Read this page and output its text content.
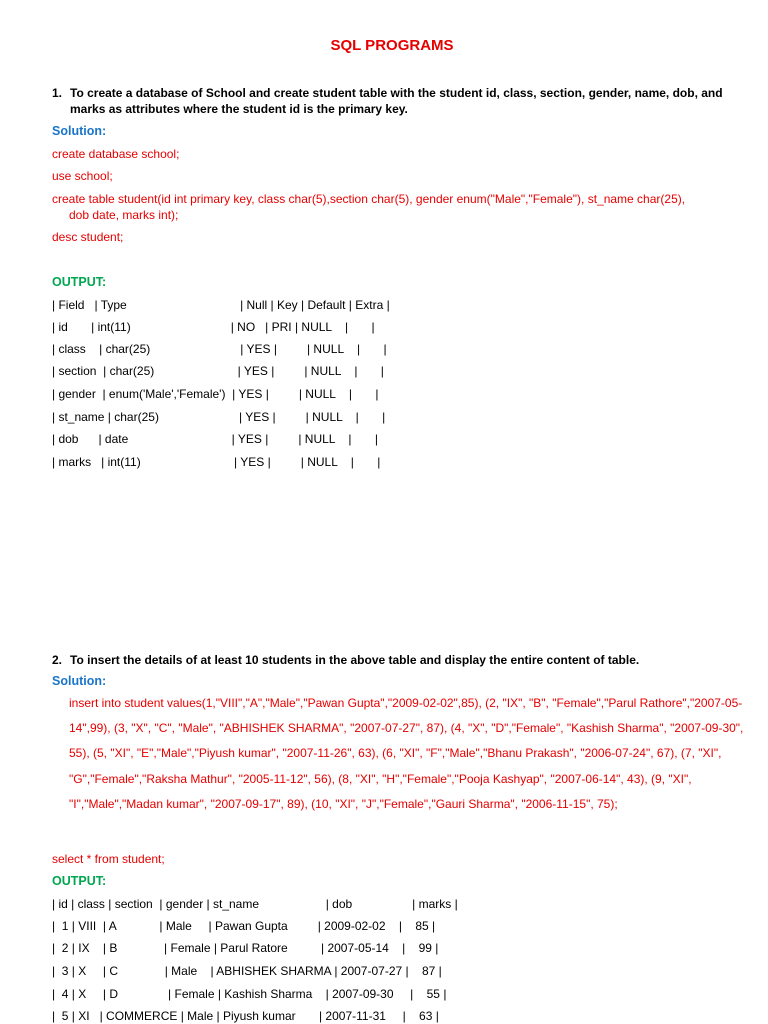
SQL PROGRAMS
1. To create a database of School and create student table with the student id, class, section, gender, name, dob, and marks as attributes where the student id is the primary key.
Solution:
create database school;
use school;
create table student(id int primary key, class char(5),section char(5), gender enum("Male","Female"), st_name char(25),
dob date, marks int);
desc student;
OUTPUT:
| Field   | Type                                  | Null | Key | Default | Extra |
| id       | int(11)                              | NO   | PRI | NULL    |       |
| class    | char(25)                           | YES |         | NULL    |       |
| section  | char(25)                         | YES |         | NULL    |       |
| gender  | enum('Male','Female')  | YES |         | NULL    |       |
| st_name | char(25)                        | YES |         | NULL    |       |
| dob      | date                               | YES |         | NULL    |       |
| marks   | int(11)                            | YES |         | NULL    |       |
2. To insert the details of at least 10 students in the above table and display the entire content of table.
Solution:
insert into student values(1,"VIII","A","Male","Pawan Gupta","2009-02-02",85), (2, "IX", "B", "Female","Parul Rathore","2007-05-14",99), (3, "X", "C", "Male", "ABHISHEK SHARMA", "2007-07-27", 87), (4, "X", "D","Female", "Kashish Sharma", "2007-09-30", 55), (5, "XI", "E","Male","Piyush kumar", "2007-11-26", 63), (6, "XI", "F","Male","Bhanu Prakash", "2006-07-24", 67), (7, "XI", "G","Female","Raksha Mathur", "2005-11-12", 56), (8, "XI", "H","Female","Pooja Kashyap", "2007-06-14", 43), (9, "XI", "I","Male","Madan kumar", "2007-09-17", 89), (10, "XI", "J","Female","Gauri Sharma", "2006-11-15", 75);
select * from student;
OUTPUT:
| id | class | section  | gender | st_name                    | dob                  | marks |
|  1 | VIII  | A             | Male     | Pawan Gupta         | 2009-02-02    |    85 |
|  2 | IX    | B              | Female | Parul Ratore          | 2007-05-14    |    99 |
|  3 | X     | C              | Male    | ABHISHEK SHARMA | 2007-07-27 |    87 |
|  4 | X     | D               | Female | Kashish Sharma    | 2007-09-30     |    55 |
|  5 | XI   | COMMERCE | Male | Piyush kumar       | 2007-11-31     |    63 |
